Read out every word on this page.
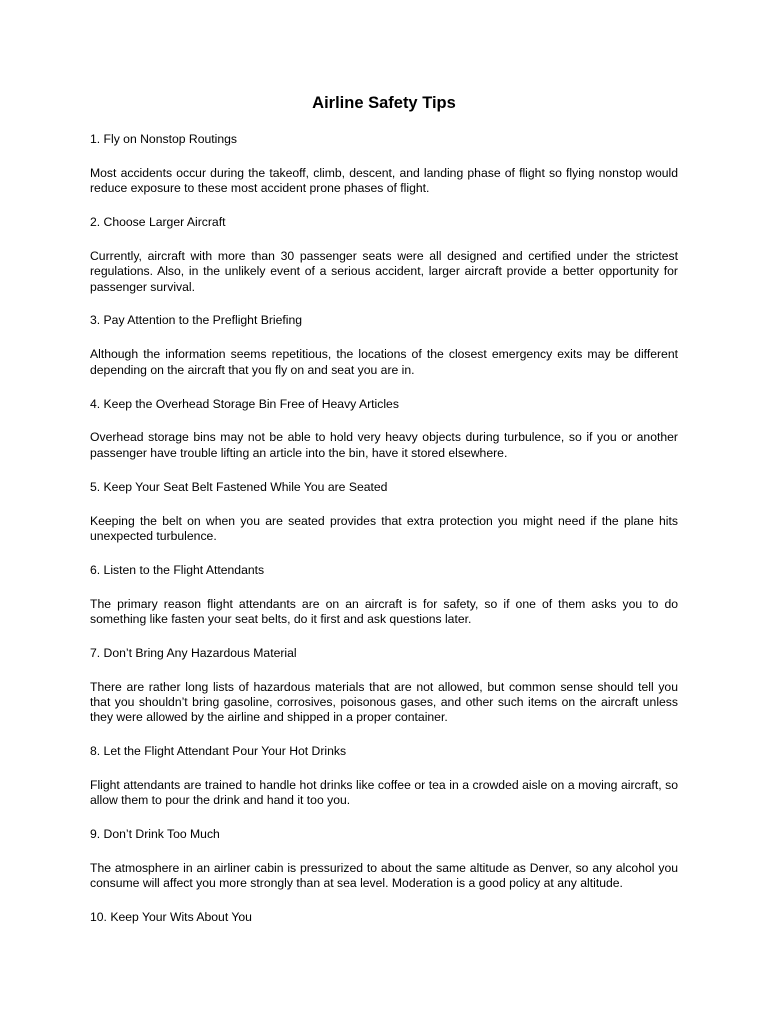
Airline Safety Tips

1. Fly on Nonstop Routings

Most accidents occur during the takeoff, climb, descent, and landing phase of flight so flying nonstop would reduce exposure to these most accident prone phases of flight.

2. Choose Larger Aircraft

Currently, aircraft with more than 30 passenger seats were all designed and certified under the strictest regulations. Also, in the unlikely event of a serious accident, larger aircraft provide a better opportunity for passenger survival.

3. Pay Attention to the Preflight Briefing

Although the information seems repetitious, the locations of the closest emergency exits may be different depending on the aircraft that you fly on and seat you are in.

4. Keep the Overhead Storage Bin Free of Heavy Articles

Overhead storage bins may not be able to hold very heavy objects during turbulence, so if you or another passenger have trouble lifting an article into the bin, have it stored elsewhere.

5. Keep Your Seat Belt Fastened While You are Seated

Keeping the belt on when you are seated provides that extra protection you might need if the plane hits unexpected turbulence.

6. Listen to the Flight Attendants

The primary reason flight attendants are on an aircraft is for safety, so if one of them asks you to do something like fasten your seat belts, do it first and ask questions later.

7. Don’t Bring Any Hazardous Material

There are rather long lists of hazardous materials that are not allowed, but common sense should tell you that you shouldn’t bring gasoline, corrosives, poisonous gases, and other such items on the aircraft unless they were allowed by the airline and shipped in a proper container.

8. Let the Flight Attendant Pour Your Hot Drinks

Flight attendants are trained to handle hot drinks like coffee or tea in a crowded aisle on a moving aircraft, so allow them to pour the drink and hand it too you.

9. Don’t Drink Too Much

The atmosphere in an airliner cabin is pressurized to about the same altitude as Denver, so any alcohol you consume will affect you more strongly than at sea level. Moderation is a good policy at any altitude.

10. Keep Your Wits About You
